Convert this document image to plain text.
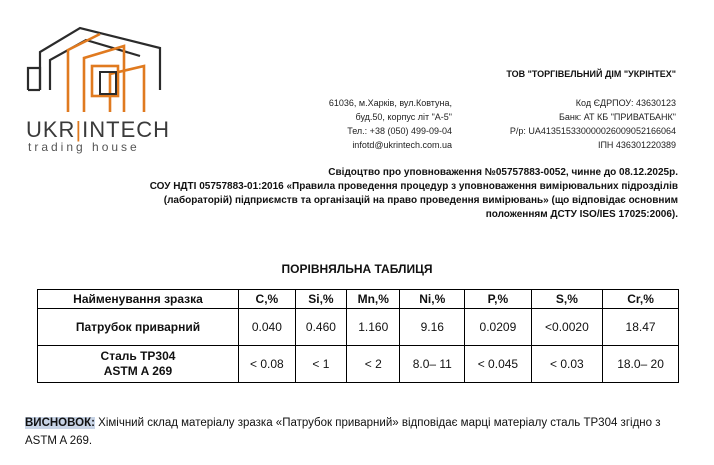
UKR|INTECH
trading house
ТОВ "ТОРГІВЕЛЬНИЙ ДІМ "УКРІНТЕХ"
61036, м.Харків, вул.Ковтуна,
буд.50, корпус літ "А-5"
Тел.: +38 (050) 499-09-04
infotd@ukrintech.com.ua
Код ЄДРПОУ: 43630123
Банк: АТ КБ "ПРИВАТБАНК"
Р/р: UA413515330000026009052166064
ІПН 436301220389

Свідоцтво про уповноваження №05757883-0052, чинне до 08.12.2025р.

СОУ НДТІ 05757883-01:2016 «Правила проведення процедур з уповноваження вимірювальних підрозділів

(лабораторій) підприємств та організацій на право проведення вимірювань» (що відповідає основним

положенням ДСТУ ISO/IES 17025:2006).

ПОРІВНЯЛЬНА ТАБЛИЦЯ
Найменування зразка	C,%	Si,%	Mn,%	Ni,%	P,%	S,%	Cr,%
Патрубок приварний	0.040	0.460	1.160	9.16	0.0209	<0.0020	18.47

Сталь ТР304
ASTM A 269	< 0.08	< 1	< 2	8.0– 11	< 0.045	< 0.03	18.0– 20
ВИСНОВОК: Хімічний склад матеріалу зразка «Патрубок приварний» відповідає марці матеріалу сталь ТР304 згідно з ASTM A 269.
